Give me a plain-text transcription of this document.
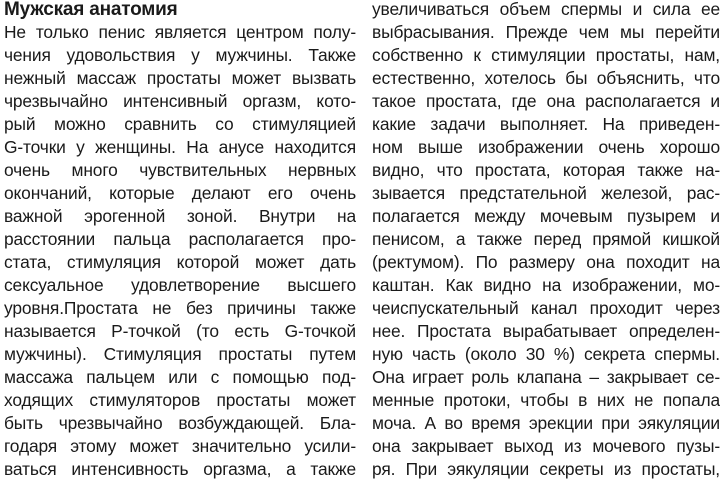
Мужская анатомия
Не только пенис является центром полу-
чения удовольствия у мужчины. Также
нежный массаж простаты может вызвать
чрезвычайно интенсивный оргазм, кото-
рый можно сравнить со стимуляцией
G-точки у женщины. На анусе находится
очень много чувствительных нервных
окончаний, которые делают его очень
важной эрогенной зоной. Внутри на
расстоянии пальца располагается про-
стата, стимуляция которой может дать
сексуальное удовлетворение высшего
уровня.Простата не без причины также
называется Р-точкой (то есть G-точкой
мужчины). Стимуляция простаты путем
массажа пальцем или с помощью под-
ходящих стимуляторов простаты может
быть чрезвычайно возбуждающей. Бла-
годаря этому может значительно усили-
ваться интенсивность оргазма, а также
увеличиваться объем спермы и сила ее
выбрасывания. Прежде чем мы перейти
собственно к стимуляции простаты, нам,
естественно, хотелось бы объяснить, что
такое простата, где она располагается и
какие задачи выполняет. На приведен-
ном выше изображении очень хорошо
видно, что простата, которая также на-
зывается предстательной железой, рас-
полагается между мочевым пузырем и
пенисом, а также перед прямой кишкой
(ректумом). По размеру она походит на
каштан. Как видно на изображении, мо-
чеиспускательный канал проходит через
нее. Простата вырабатывает определен-
ную часть (около 30 %) секрета спермы.
Она играет роль клапана – закрывает се-
менные протоки, чтобы в них не попала
моча. А во время эрекции при эякуляции
она закрывает выход из мочевого пузы-
ря. При эякуляции секреты из простаты,
